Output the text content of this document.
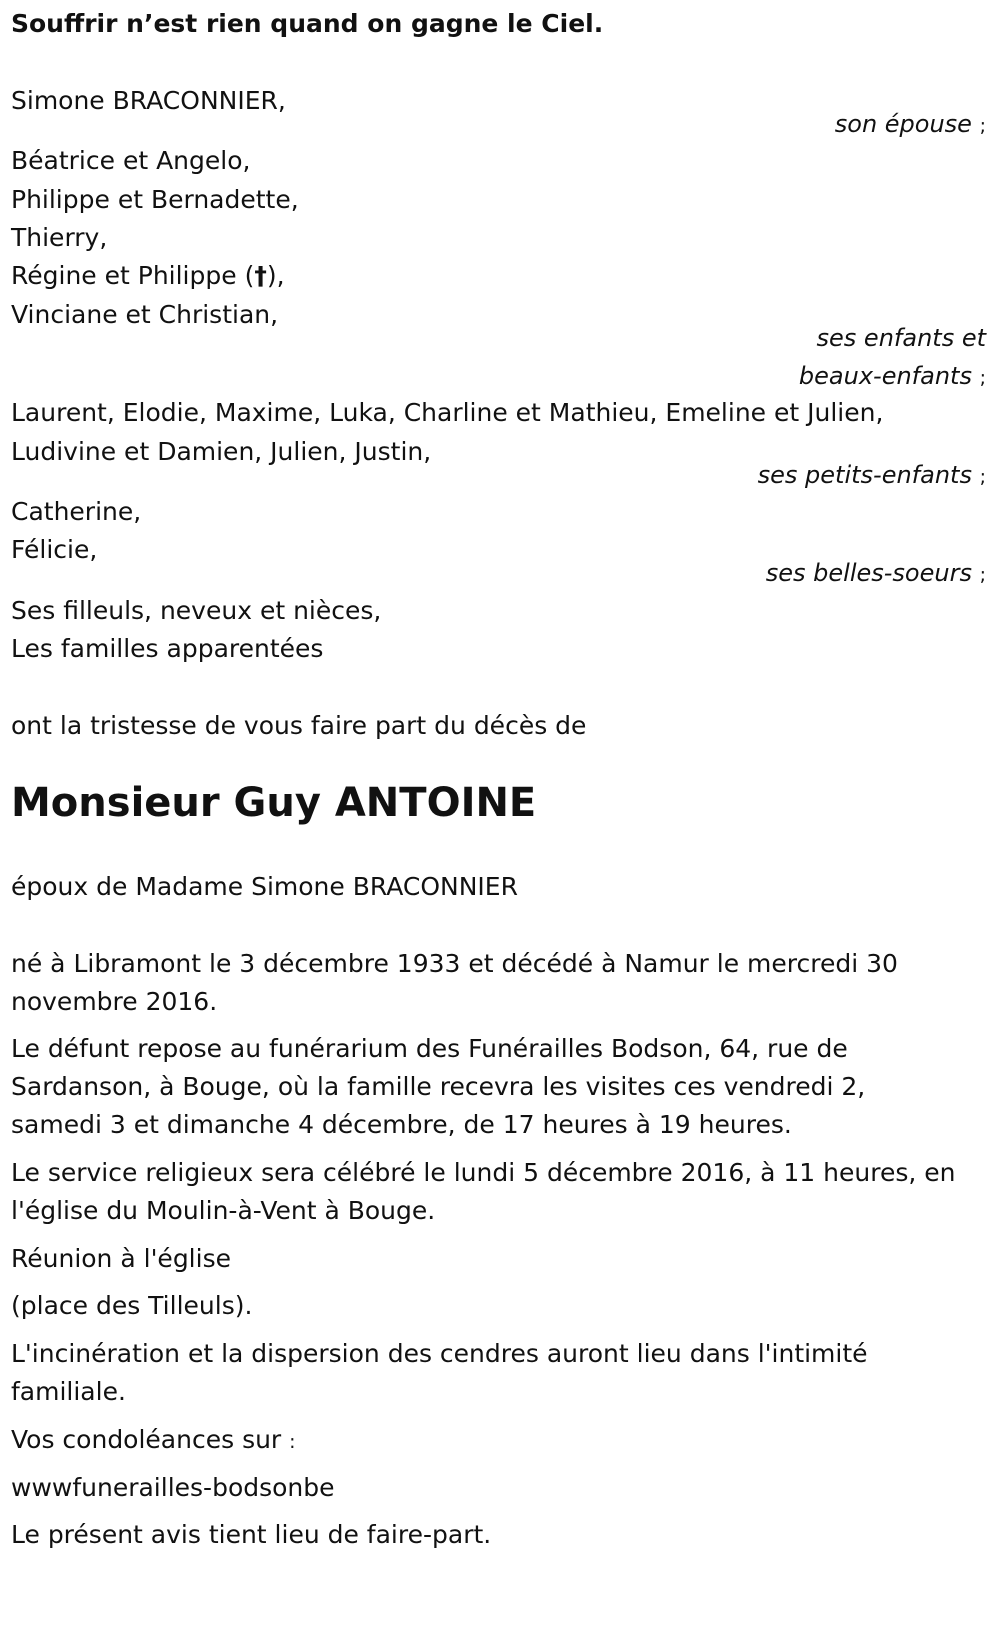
Souffrir n’est rien quand on gagne le Ciel.
Simone BRACONNIER,
son épouse ;
Béatrice et Angelo,
Philippe et Bernadette,
Thierry,
Régine et Philippe (†),
Vinciane et Christian,
ses enfants et
beaux-enfants ;
Laurent, Elodie, Maxime, Luka, Charline et Mathieu, Emeline et Julien,
Ludivine et Damien, Julien, Justin,
ses petits-enfants ;
Catherine,
Félicie,
ses belles-soeurs ;
Ses filleuls, neveux et nièces,
Les familles apparentées
ont la tristesse de vous faire part du décès de
Monsieur Guy ANTOINE
époux de Madame Simone BRACONNIER
né à Libramont le 3 décembre 1933 et décédé à Namur le mercredi 30
novembre 2016.
Le défunt repose au funérarium des Funérailles Bodson, 64, rue de
Sardanson, à Bouge, où la famille recevra les visites ces vendredi 2,
samedi 3 et dimanche 4 décembre, de 17 heures à 19 heures.
Le service religieux sera célébré le lundi 5 décembre 2016, à 11 heures, en
l'église du Moulin-à-Vent à Bouge.
Réunion à l'église
(place des Tilleuls).
L'incinération et la dispersion des cendres auront lieu dans l'intimité
familiale.
Vos condoléances sur :
wwwfunerailles-bodsonbe
Le présent avis tient lieu de faire-part.
